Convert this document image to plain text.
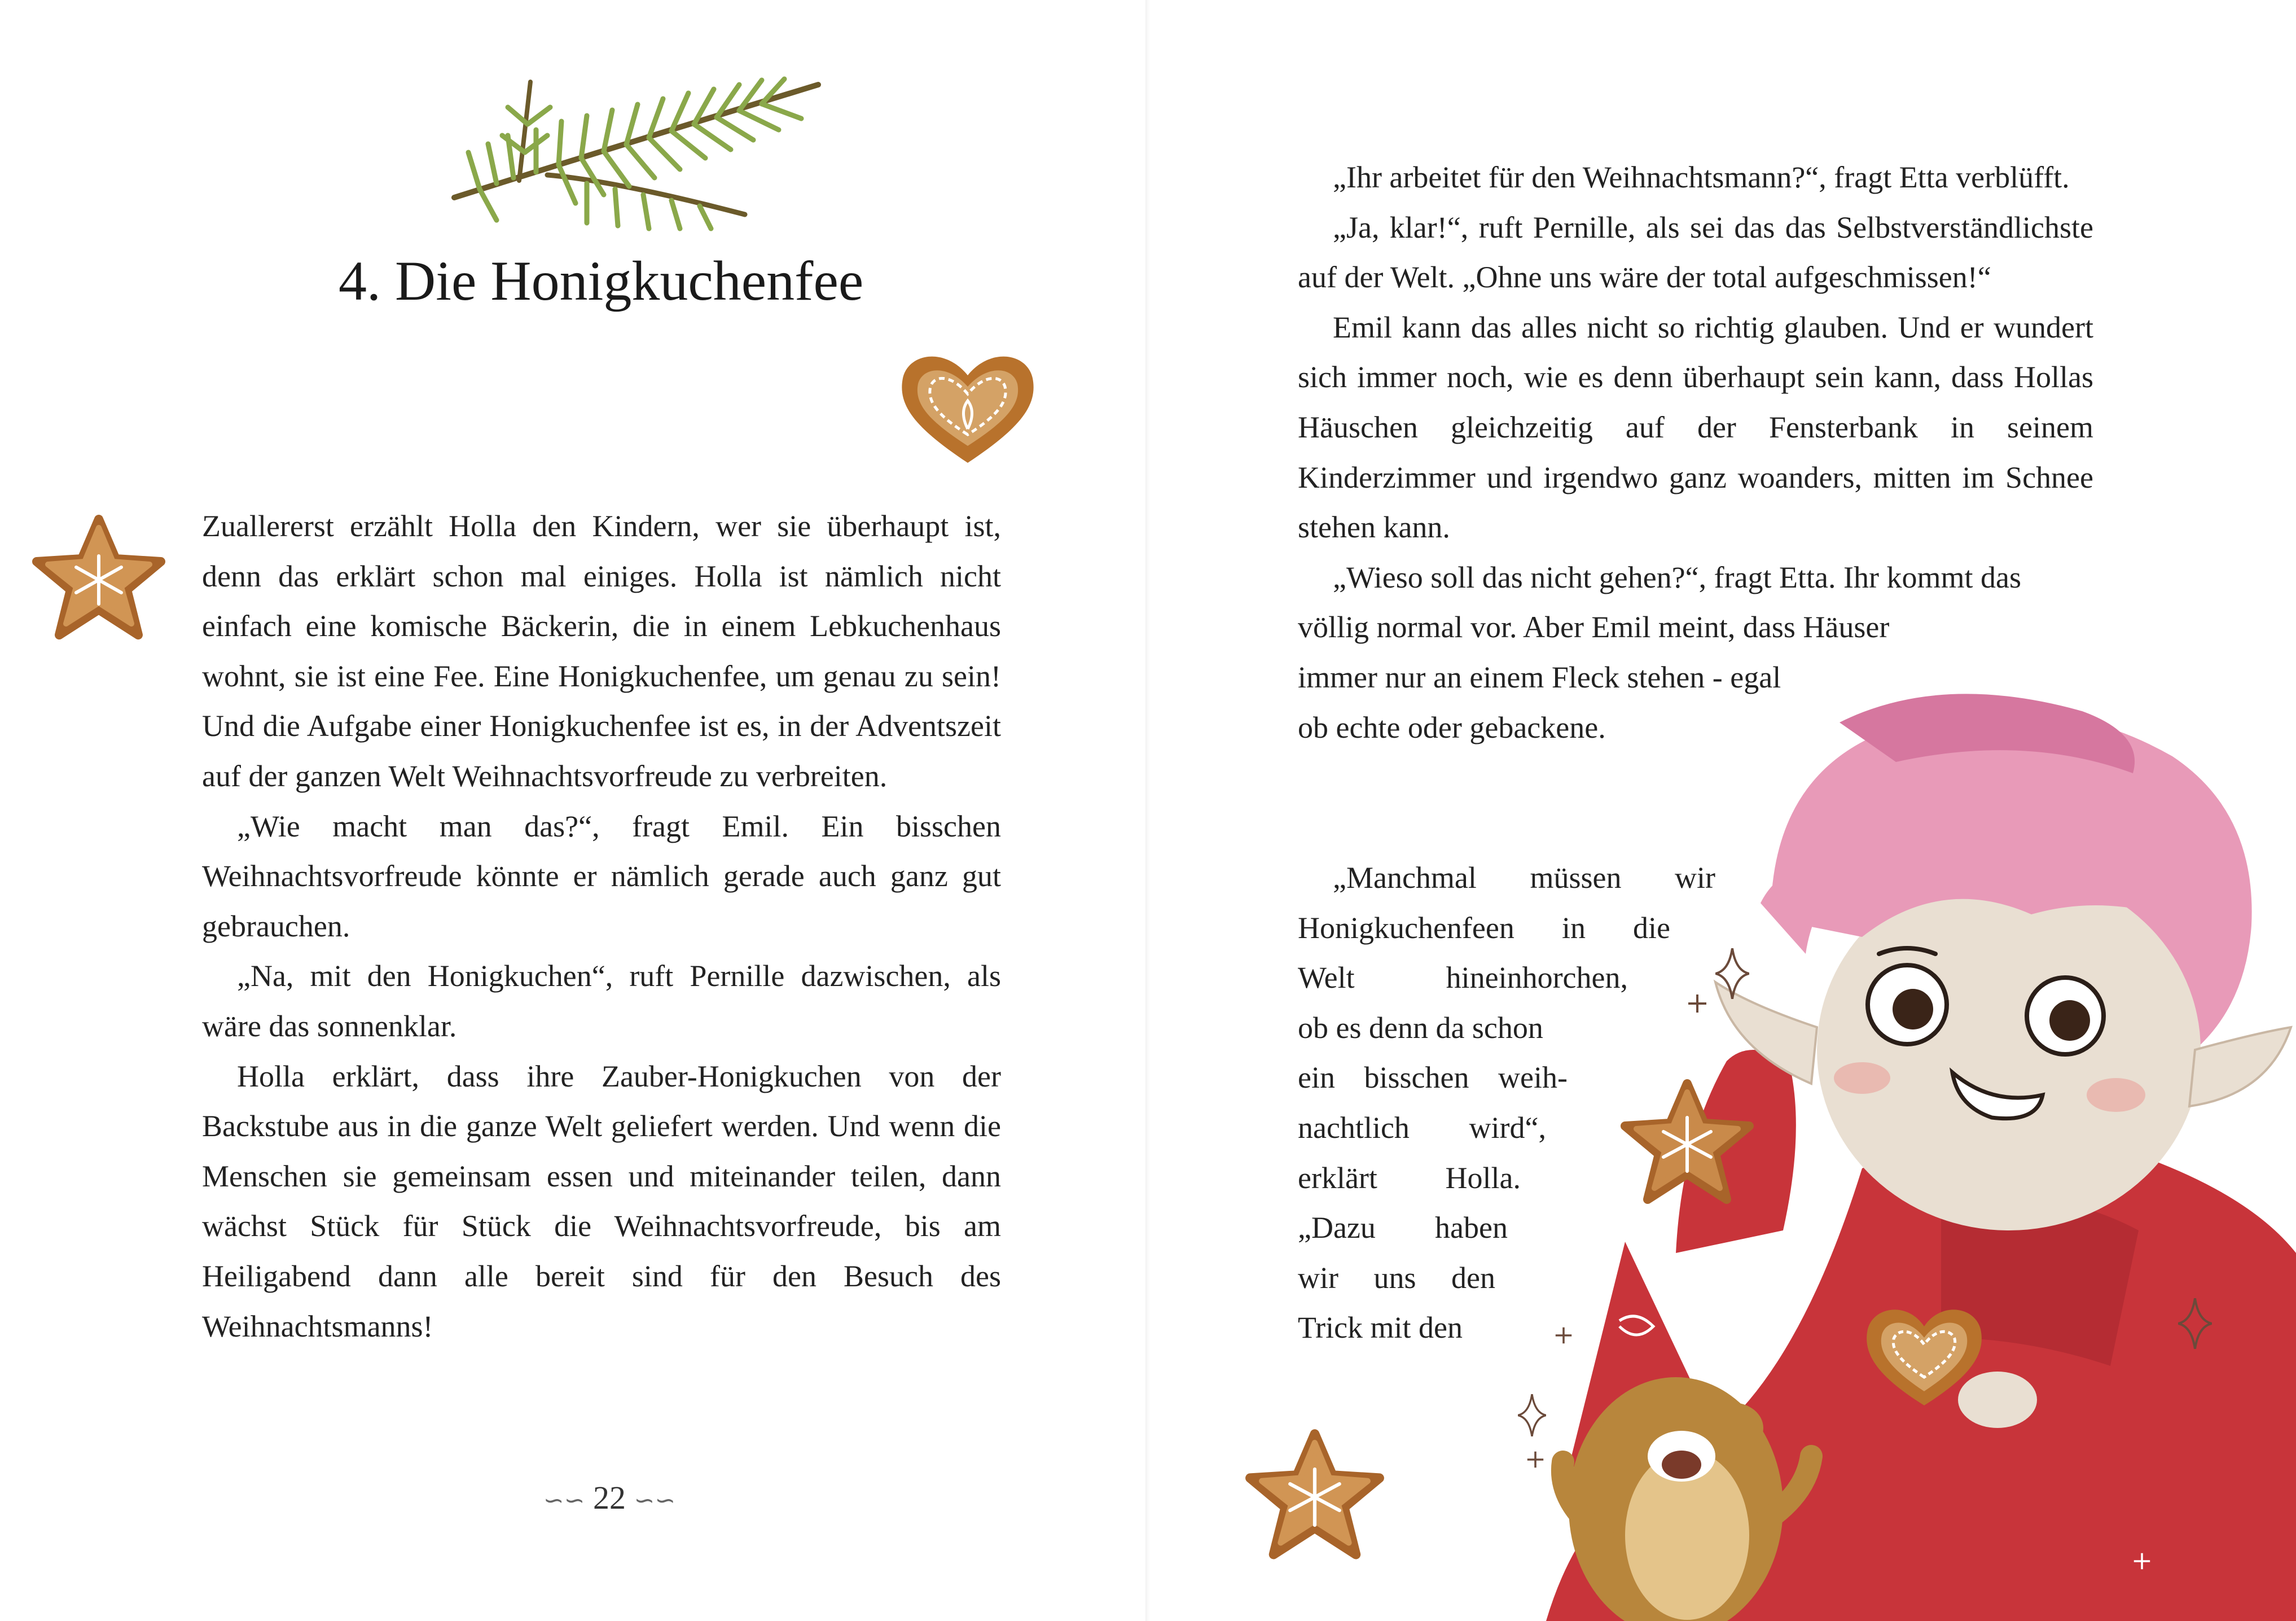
4. Die Honigkuchenfee

Zuallererst erzählt Holla den Kindern, wer sie überhaupt ist, denn das erklärt schon mal einiges. Holla ist nämlich nicht einfach eine komische Bäckerin, die in einem Lebkuchenhaus wohnt, sie ist eine Fee. Eine Honigkuchenfee, um genau zu sein! Und die Aufgabe einer Honigkuchenfee ist es, in der Adventszeit auf der ganzen Welt Weihnachtsvorfreude zu verbreiten.

„Wie macht man das?“, fragt Emil. Ein bisschen Weihnachtsvorfreude könnte er nämlich gerade auch ganz gut gebrauchen.

„Na, mit den Honigkuchen“, ruft Pernille dazwischen, als wäre das sonnenklar.

Holla erklärt, dass ihre Zauber-Honigkuchen von der Backstube aus in die ganze Welt geliefert werden. Und wenn die Menschen sie gemeinsam essen und miteinander teilen, dann wächst Stück für Stück die Weihnachtsvorfreude, bis am Heiligabend dann alle bereit sind für den Besuch des Weihnachtsmanns!

∽∽ 22 ∽∽

„Ihr arbeitet für den Weihnachtsmann?“, fragt Etta verblüfft.

„Ja, klar!“, ruft Pernille, als sei das das Selbstverständlichste auf der Welt. „Ohne uns wäre der total aufgeschmissen!“

Emil kann das alles nicht so richtig glauben. Und er wundert sich immer noch, wie es denn überhaupt sein kann, dass Hollas Häuschen gleichzeitig auf der Fensterbank in seinem Kinderzimmer und irgendwo ganz woanders, mitten im Schnee stehen kann.

„Wieso soll das nicht gehen?“, fragt Etta. Ihr kommt das
völlig normal vor. Aber Emil meint, dass Häuser
immer nur an einem Fleck stehen - egal
ob echte oder gebackene.
„Manchmal müssen wir
Honigkuchenfeen in die
Welt hineinhorchen,
ob es denn da schon
ein bisschen weih-
nachtlich wird“,
erklärt Holla.
„Dazu haben
wir uns den
Trick mit den
